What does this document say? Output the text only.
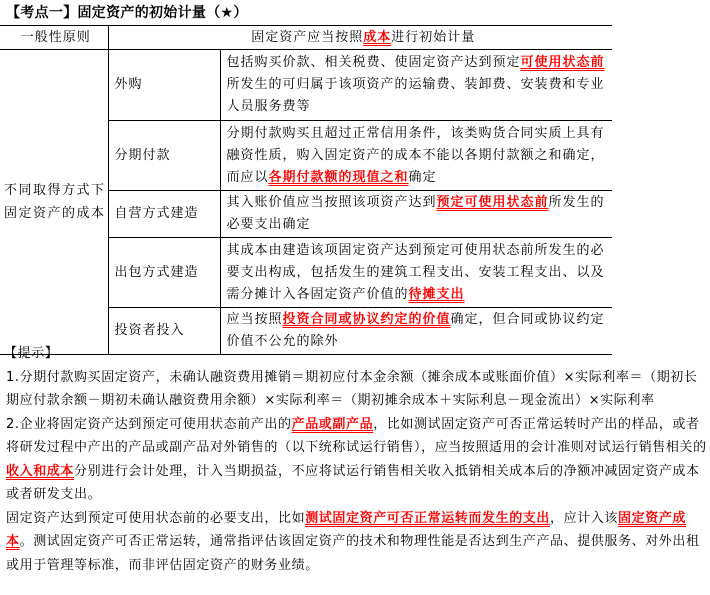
【考点一】固定资产的初始计量（★）
一般性原则	固定资产应当按照成本进行初始计量	
不同取得方式下固定资产的成本	外购	包括购买价款、相关税费、使固定资产达到预定可使用状态前所发生的可归属于该项资产的运输费、装卸费、安装费和专业人员服务费等
	分期付款	分期付款购买且超过正常信用条件，该类购货合同实质上具有融资性质，购入固定资产的成本不能以各期付款额之和确定，而应以各期付款额的现值之和确定
	自营方式建造	其入账价值应当按照该项资产达到预定可使用状态前所发生的必要支出确定
	出包方式建造	其成本由建造该项固定资产达到预定可使用状态前所发生的必要支出构成，包括发生的建筑工程支出、安装工程支出、以及需分摊计入各固定资产价值的待摊支出
	投资者投入	应当按照投资合同或协议约定的价值确定，但合同或协议约定价值不公允的除外

【提示】

1.分期付款购买固定资产，未确认融资费用摊销＝期初应付本金余额（摊余成本或账面价值）×实际利率＝（期初长期应付款余额－期初未确认融资费用余额）×实际利率＝（期初摊余成本＋实际利息－现金流出）×实际利率

2.企业将固定资产达到预定可使用状态前产出的产品或副产品，比如测试固定资产可否正常运转时产出的样品，或者将研发过程中产出的产品或副产品对外销售的（以下统称试运行销售），应当按照适用的会计准则对试运行销售相关的收入和成本分别进行会计处理，计入当期损益，不应将试运行销售相关收入抵销相关成本后的净额冲减固定资产成本或者研发支出。

固定资产达到预定可使用状态前的必要支出，比如测试固定资产可否正常运转而发生的支出，应计入该固定资产成本。测试固定资产可否正常运转，通常指评估该固定资产的技术和物理性能是否达到生产产品、提供服务、对外出租或用于管理等标准，而非评估固定资产的财务业绩。
